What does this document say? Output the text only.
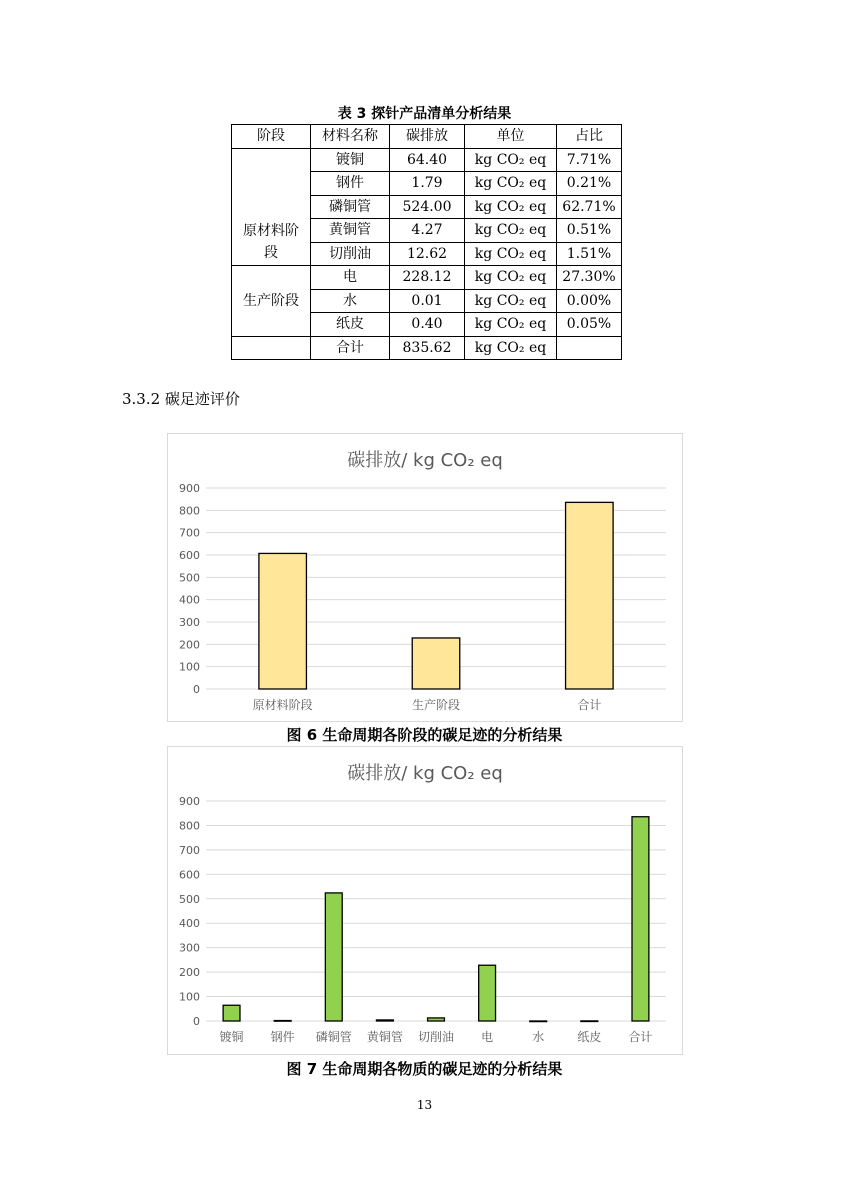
表 3 探针产品清单分析结果
阶段	材料名称	碳排放	单位	占比
原材料阶段	镀铜	64.40	kg CO₂ eq	7.71%
	钢件	1.79	kg CO₂ eq	0.21%
	磷铜管	524.00	kg CO₂ eq	62.71%
	黄铜管	4.27	kg CO₂ eq	0.51%
	切削油	12.62	kg CO₂ eq	1.51%
生产阶段	电	228.12	kg CO₂ eq	27.30%
	水	0.01	kg CO₂ eq	0.00%
	纸皮	0.40	kg CO₂ eq	0.05%
	合计	835.62	kg CO₂ eq	
3.3.2 碳足迹评价
碳排放/ kg CO₂ eq
0
100
200
300
400
500
600
700
800
900
原材料阶段	生产阶段	合计
图 6 生命周期各阶段的碳足迹的分析结果
碳排放/ kg CO₂ eq
0
100
200
300
400
500
600
700
800
900
镀铜 钢件 磷铜管 黄铜管 切削油 电	水	纸皮 合计
图 7 生命周期各物质的碳足迹的分析结果
13
